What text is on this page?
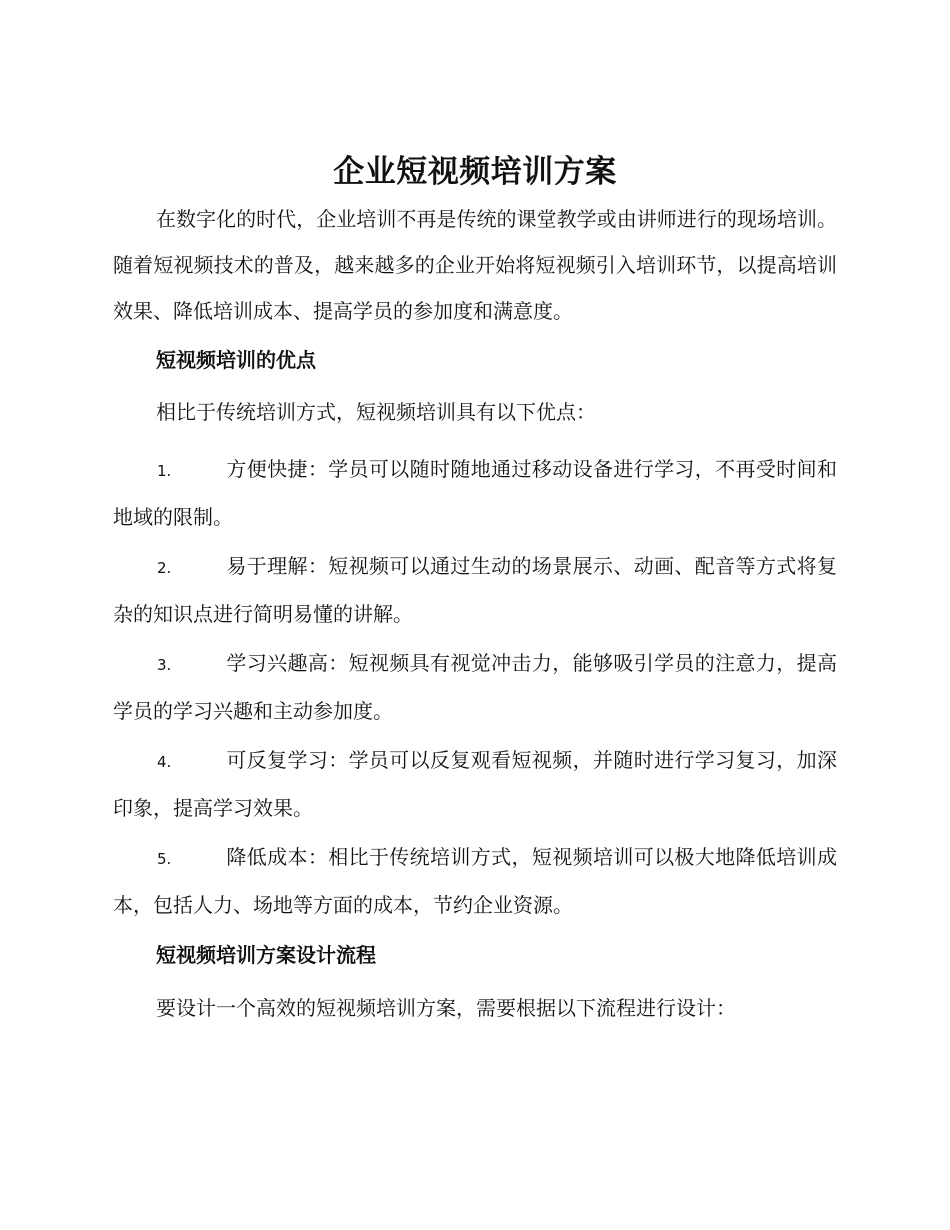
企业短视频培训方案

在数字化的时代，企业培训不再是传统的课堂教学或由讲师进行的现场培训。随着短视频技术的普及，越来越多的企业开始将短视频引入培训环节，以提高培训效果、降低培训成本、提高学员的参加度和满意度。

短视频培训的优点

相比于传统培训方式，短视频培训具有以下优点：

1.	方便快捷：学员可以随时随地通过移动设备进行学习，不再受时间和地域的限制。

2.	易于理解：短视频可以通过生动的场景展示、动画、配音等方式将复杂的知识点进行简明易懂的讲解。

3.	学习兴趣高：短视频具有视觉冲击力，能够吸引学员的注意力，提高学员的学习兴趣和主动参加度。

4.	可反复学习：学员可以反复观看短视频，并随时进行学习复习，加深印象，提高学习效果。

5.	降低成本：相比于传统培训方式，短视频培训可以极大地降低培训成本，包括人力、场地等方面的成本，节约企业资源。

短视频培训方案设计流程

要设计一个高效的短视频培训方案，需要根据以下流程进行设计：
